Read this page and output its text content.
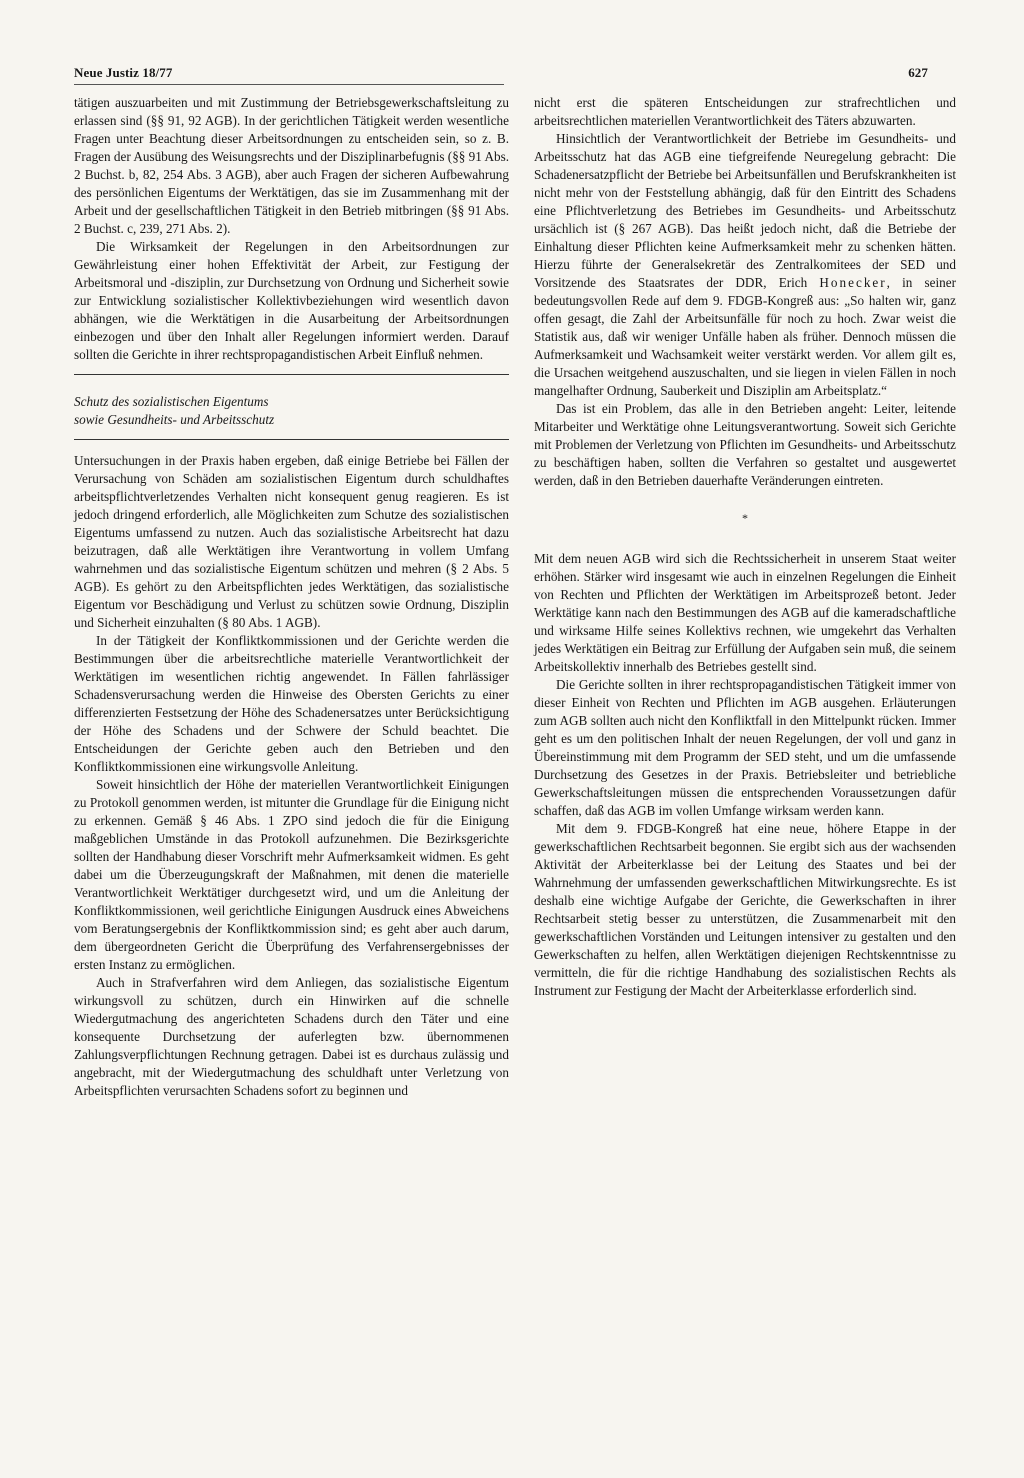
Neue Justiz 18/77	627

tätigen auszuarbeiten und mit Zustimmung der Betriebsgewerkschaftsleitung zu erlassen sind (§§ 91, 92 AGB). In der gerichtlichen Tätigkeit werden wesentliche Fragen unter Beachtung dieser Arbeitsordnungen zu entscheiden sein, so z. B. Fragen der Ausübung des Weisungsrechts und der Disziplinarbefugnis (§§ 91 Abs. 2 Buchst. b, 82, 254 Abs. 3 AGB), aber auch Fragen der sicheren Aufbewahrung des persönlichen Eigentums der Werktätigen, das sie im Zusammenhang mit der Arbeit und der gesellschaftlichen Tätigkeit in den Betrieb mitbringen (§§ 91 Abs. 2 Buchst. c, 239, 271 Abs. 2).

Die Wirksamkeit der Regelungen in den Arbeitsordnungen zur Gewährleistung einer hohen Effektivität der Arbeit, zur Festigung der Arbeitsmoral und -disziplin, zur Durchsetzung von Ordnung und Sicherheit sowie zur Entwicklung sozialistischer Kollektivbeziehungen wird wesentlich davon abhängen, wie die Werktätigen in die Ausarbeitung der Arbeitsordnungen einbezogen und über den Inhalt aller Regelungen informiert werden. Darauf sollten die Gerichte in ihrer rechtspropagandistischen Arbeit Einfluß nehmen.

Schutz des sozialistischen Eigentums
sowie Gesundheits- und Arbeitsschutz

Untersuchungen in der Praxis haben ergeben, daß einige Betriebe bei Fällen der Verursachung von Schäden am sozialistischen Eigentum durch schuldhaftes arbeitspflichtverletzendes Verhalten nicht konsequent genug reagieren. Es ist jedoch dringend erforderlich, alle Möglichkeiten zum Schutze des sozialistischen Eigentums umfassend zu nutzen. Auch das sozialistische Arbeitsrecht hat dazu beizutragen, daß alle Werktätigen ihre Verantwortung in vollem Umfang wahrnehmen und das sozialistische Eigentum schützen und mehren (§ 2 Abs. 5 AGB). Es gehört zu den Arbeitspflichten jedes Werktätigen, das sozialistische Eigentum vor Beschädigung und Verlust zu schützen sowie Ordnung, Disziplin und Sicherheit einzuhalten (§ 80 Abs. 1 AGB).

In der Tätigkeit der Konfliktkommissionen und der Gerichte werden die Bestimmungen über die arbeitsrechtliche materielle Verantwortlichkeit der Werktätigen im wesentlichen richtig angewendet. In Fällen fahrlässiger Schadensverursachung werden die Hinweise des Obersten Gerichts zu einer differenzierten Festsetzung der Höhe des Schadenersatzes unter Berücksichtigung der Höhe des Schadens und der Schwere der Schuld beachtet. Die Entscheidungen der Gerichte geben auch den Betrieben und den Konfliktkommissionen eine wirkungsvolle Anleitung.

Soweit hinsichtlich der Höhe der materiellen Verantwortlichkeit Einigungen zu Protokoll genommen werden, ist mitunter die Grundlage für die Einigung nicht zu erkennen. Gemäß § 46 Abs. 1 ZPO sind jedoch die für die Einigung maßgeblichen Umstände in das Protokoll aufzunehmen. Die Bezirksgerichte sollten der Handhabung dieser Vorschrift mehr Aufmerksamkeit widmen. Es geht dabei um die Überzeugungskraft der Maßnahmen, mit denen die materielle Verantwortlichkeit Werktätiger durchgesetzt wird, und um die Anleitung der Konfliktkommissionen, weil gerichtliche Einigungen Ausdruck eines Abweichens vom Beratungsergebnis der Konfliktkommission sind; es geht aber auch darum, dem übergeordneten Gericht die Überprüfung des Verfahrensergebnisses der ersten Instanz zu ermöglichen.

Auch in Strafverfahren wird dem Anliegen, das sozialistische Eigentum wirkungsvoll zu schützen, durch ein Hinwirken auf die schnelle Wiedergutmachung des angerichteten Schadens durch den Täter und eine konsequente Durchsetzung der auferlegten bzw. übernommenen Zahlungsverpflichtungen Rechnung getragen. Dabei ist es durchaus zulässig und angebracht, mit der Wiedergutmachung des schuldhaft unter Verletzung von Arbeitspflichten verursachten Schadens sofort zu beginnen und

nicht erst die späteren Entscheidungen zur strafrechtlichen und arbeitsrechtlichen materiellen Verantwortlichkeit des Täters abzuwarten.

Hinsichtlich der Verantwortlichkeit der Betriebe im Gesundheits- und Arbeitsschutz hat das AGB eine tiefgreifende Neuregelung gebracht: Die Schadenersatzpflicht der Betriebe bei Arbeitsunfällen und Berufskrankheiten ist nicht mehr von der Feststellung abhängig, daß für den Eintritt des Schadens eine Pflichtverletzung des Betriebes im Gesundheits- und Arbeitsschutz ursächlich ist (§ 267 AGB). Das heißt jedoch nicht, daß die Betriebe der Einhaltung dieser Pflichten keine Aufmerksamkeit mehr zu schenken hätten. Hierzu führte der Generalsekretär des Zentralkomitees der SED und Vorsitzende des Staatsrates der DDR, Erich Honecker, in seiner bedeutungsvollen Rede auf dem 9. FDGB-Kongreß aus: „So halten wir, ganz offen gesagt, die Zahl der Arbeitsunfälle für noch zu hoch. Zwar weist die Statistik aus, daß wir weniger Unfälle haben als früher. Dennoch müssen die Aufmerksamkeit und Wachsamkeit weiter verstärkt werden. Vor allem gilt es, die Ursachen weitgehend auszuschalten, und sie liegen in vielen Fällen in noch mangelhafter Ordnung, Sauberkeit und Disziplin am Arbeitsplatz.“

Das ist ein Problem, das alle in den Betrieben angeht: Leiter, leitende Mitarbeiter und Werktätige ohne Leitungsverantwortung. Soweit sich Gerichte mit Problemen der Verletzung von Pflichten im Gesundheits- und Arbeitsschutz zu beschäftigen haben, sollten die Verfahren so gestaltet und ausgewertet werden, daß in den Betrieben dauerhafte Veränderungen eintreten.

*

Mit dem neuen AGB wird sich die Rechtssicherheit in unserem Staat weiter erhöhen. Stärker wird insgesamt wie auch in einzelnen Regelungen die Einheit von Rechten und Pflichten der Werktätigen im Arbeitsprozeß betont. Jeder Werktätige kann nach den Bestimmungen des AGB auf die kameradschaftliche und wirksame Hilfe seines Kollektivs rechnen, wie umgekehrt das Verhalten jedes Werktätigen ein Beitrag zur Erfüllung der Aufgaben sein muß, die seinem Arbeitskollektiv innerhalb des Betriebes gestellt sind.

Die Gerichte sollten in ihrer rechtspropagandistischen Tätigkeit immer von dieser Einheit von Rechten und Pflichten im AGB ausgehen. Erläuterungen zum AGB sollten auch nicht den Konfliktfall in den Mittelpunkt rücken. Immer geht es um den politischen Inhalt der neuen Regelungen, der voll und ganz in Übereinstimmung mit dem Programm der SED steht, und um die umfassende Durchsetzung des Gesetzes in der Praxis. Betriebsleiter und betriebliche Gewerkschaftsleitungen müssen die entsprechenden Voraussetzungen dafür schaffen, daß das AGB im vollen Umfange wirksam werden kann.

Mit dem 9. FDGB-Kongreß hat eine neue, höhere Etappe in der gewerkschaftlichen Rechtsarbeit begonnen. Sie ergibt sich aus der wachsenden Aktivität der Arbeiterklasse bei der Leitung des Staates und bei der Wahrnehmung der umfassenden gewerkschaftlichen Mitwirkungsrechte. Es ist deshalb eine wichtige Aufgabe der Gerichte, die Gewerkschaften in ihrer Rechtsarbeit stetig besser zu unterstützen, die Zusammenarbeit mit den gewerkschaftlichen Vorständen und Leitungen intensiver zu gestalten und den Gewerkschaften zu helfen, allen Werktätigen diejenigen Rechtskenntnisse zu vermitteln, die für die richtige Handhabung des sozialistischen Rechts als Instrument zur Festigung der Macht der Arbeiterklasse erforderlich sind.
